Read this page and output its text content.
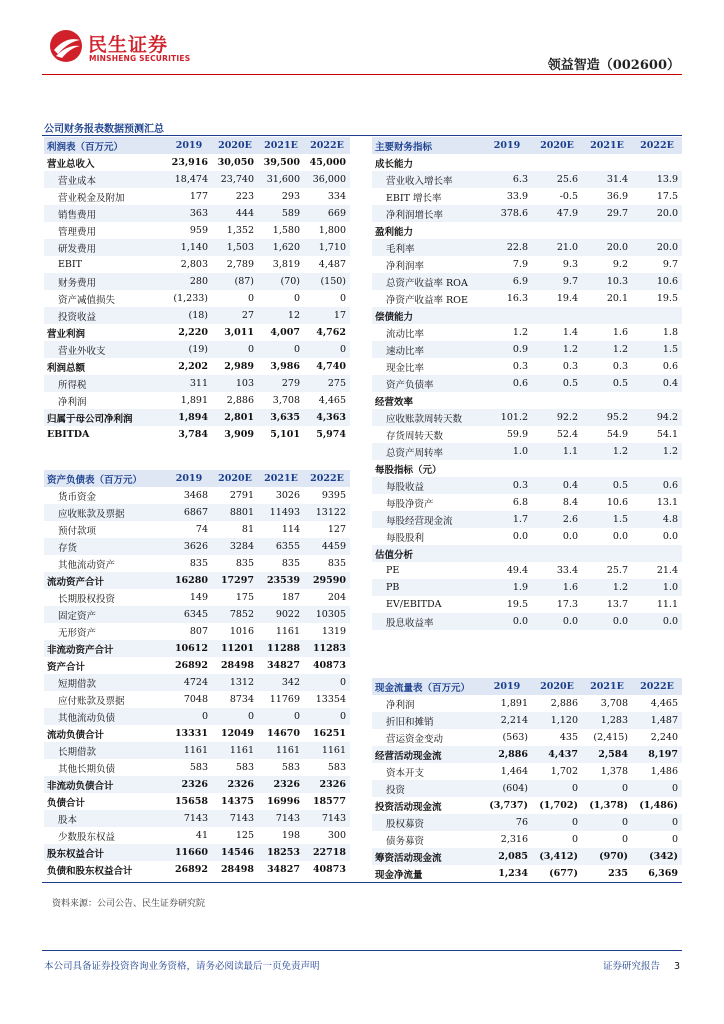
民生证券
MINSHENG SECURITIES	领益智造（002600）
公司财务报表数据预测汇总
利润表（百万元）	2019	2020E	2021E	2022E
营业总收入	23,916	30,050	39,500	45,000
营业成本	18,474	23,740	31,600	36,000
营业税金及附加	177	223	293	334
销售费用	363	444	589	669
管理费用	959	1,352	1,580	1,800
研发费用	1,140	1,503	1,620	1,710
EBIT	2,803	2,789	3,819	4,487
财务费用	280	(87)	(70)	(150)
资产减值损失	(1,233)	0	0	0
投资收益	(18)	27	12	17
营业利润	2,220	3,011	4,007	4,762
营业外收支	(19)	0	0	0
利润总额	2,202	2,989	3,986	4,740
所得税	311	103	279	275
净利润	1,891	2,886	3,708	4,465
归属于母公司净利润	1,894	2,801	3,635	4,363
EBITDA	3,784	3,909	5,101	5,974
资产负债表（百万元）	2019	2020E	2021E	2022E
货币资金	3468	2791	3026	9395
应收账款及票据	6867	8801	11493	13122
预付款项	74	81	114	127
存货	3626	3284	6355	4459
其他流动资产	835	835	835	835
流动资产合计	16280	17297	23539	29590
长期股权投资	149	175	187	204
固定资产	6345	7852	9022	10305
无形资产	807	1016	1161	1319
非流动资产合计	10612	11201	11288	11283
资产合计	26892	28498	34827	40873
短期借款	4724	1312	342	0
应付账款及票据	7048	8734	11769	13354
其他流动负债	0	0	0	0
流动负债合计	13331	12049	14670	16251
长期借款	1161	1161	1161	1161
其他长期负债	583	583	583	583
非流动负债合计	2326	2326	2326	2326
负债合计	15658	14375	16996	18577
股本	7143	7143	7143	7143
少数股东权益	41	125	198	300
股东权益合计	11660	14546	18253	22718
负债和股东权益合计	26892	28498	34827	40873
主要财务指标	2019	2020E	2021E	2022E
成长能力				
营业收入增长率	6.3	25.6	31.4	13.9
EBIT 增长率	33.9	-0.5	36.9	17.5
净利润增长率	378.6	47.9	29.7	20.0
盈利能力				
毛利率	22.8	21.0	20.0	20.0
净利润率	7.9	9.3	9.2	9.7
总资产收益率 ROA	6.9	9.7	10.3	10.6
净资产收益率 ROE	16.3	19.4	20.1	19.5
偿债能力				
流动比率	1.2	1.4	1.6	1.8
速动比率	0.9	1.2	1.2	1.5
现金比率	0.3	0.3	0.3	0.6
资产负债率	0.6	0.5	0.5	0.4
经营效率				
应收账款周转天数	101.2	92.2	95.2	94.2
存货周转天数	59.9	52.4	54.9	54.1
总资产周转率	1.0	1.1	1.2	1.2
每股指标（元）				
每股收益	0.3	0.4	0.5	0.6
每股净资产	6.8	8.4	10.6	13.1
每股经营现金流	1.7	2.6	1.5	4.8
每股股利	0.0	0.0	0.0	0.0
估值分析				
PE	49.4	33.4	25.7	21.4
PB	1.9	1.6	1.2	1.0
EV/EBITDA	19.5	17.3	13.7	11.1
股息收益率	0.0	0.0	0.0	0.0
现金流量表（百万元）	2019	2020E	2021E	2022E
净利润	1,891	2,886	3,708	4,465
折旧和摊销	2,214	1,120	1,283	1,487
营运资金变动	(563)	435	(2,415)	2,240
经营活动现金流	2,886	4,437	2,584	8,197
资本开支	1,464	1,702	1,378	1,486
投资	(604)	0	0	0
投资活动现金流	(3,737)	(1,702)	(1,378)	(1,486)
股权募资	76	0	0	0
债务募资	2,316	0	0	0
筹资活动现金流	2,085	(3,412)	(970)	(342)
现金净流量	1,234	(677)	235	6,369
资料来源：公司公告、民生证券研究院
本公司具备证券投资咨询业务资格，请务必阅读最后一页免责声明	证券研究报告 3
